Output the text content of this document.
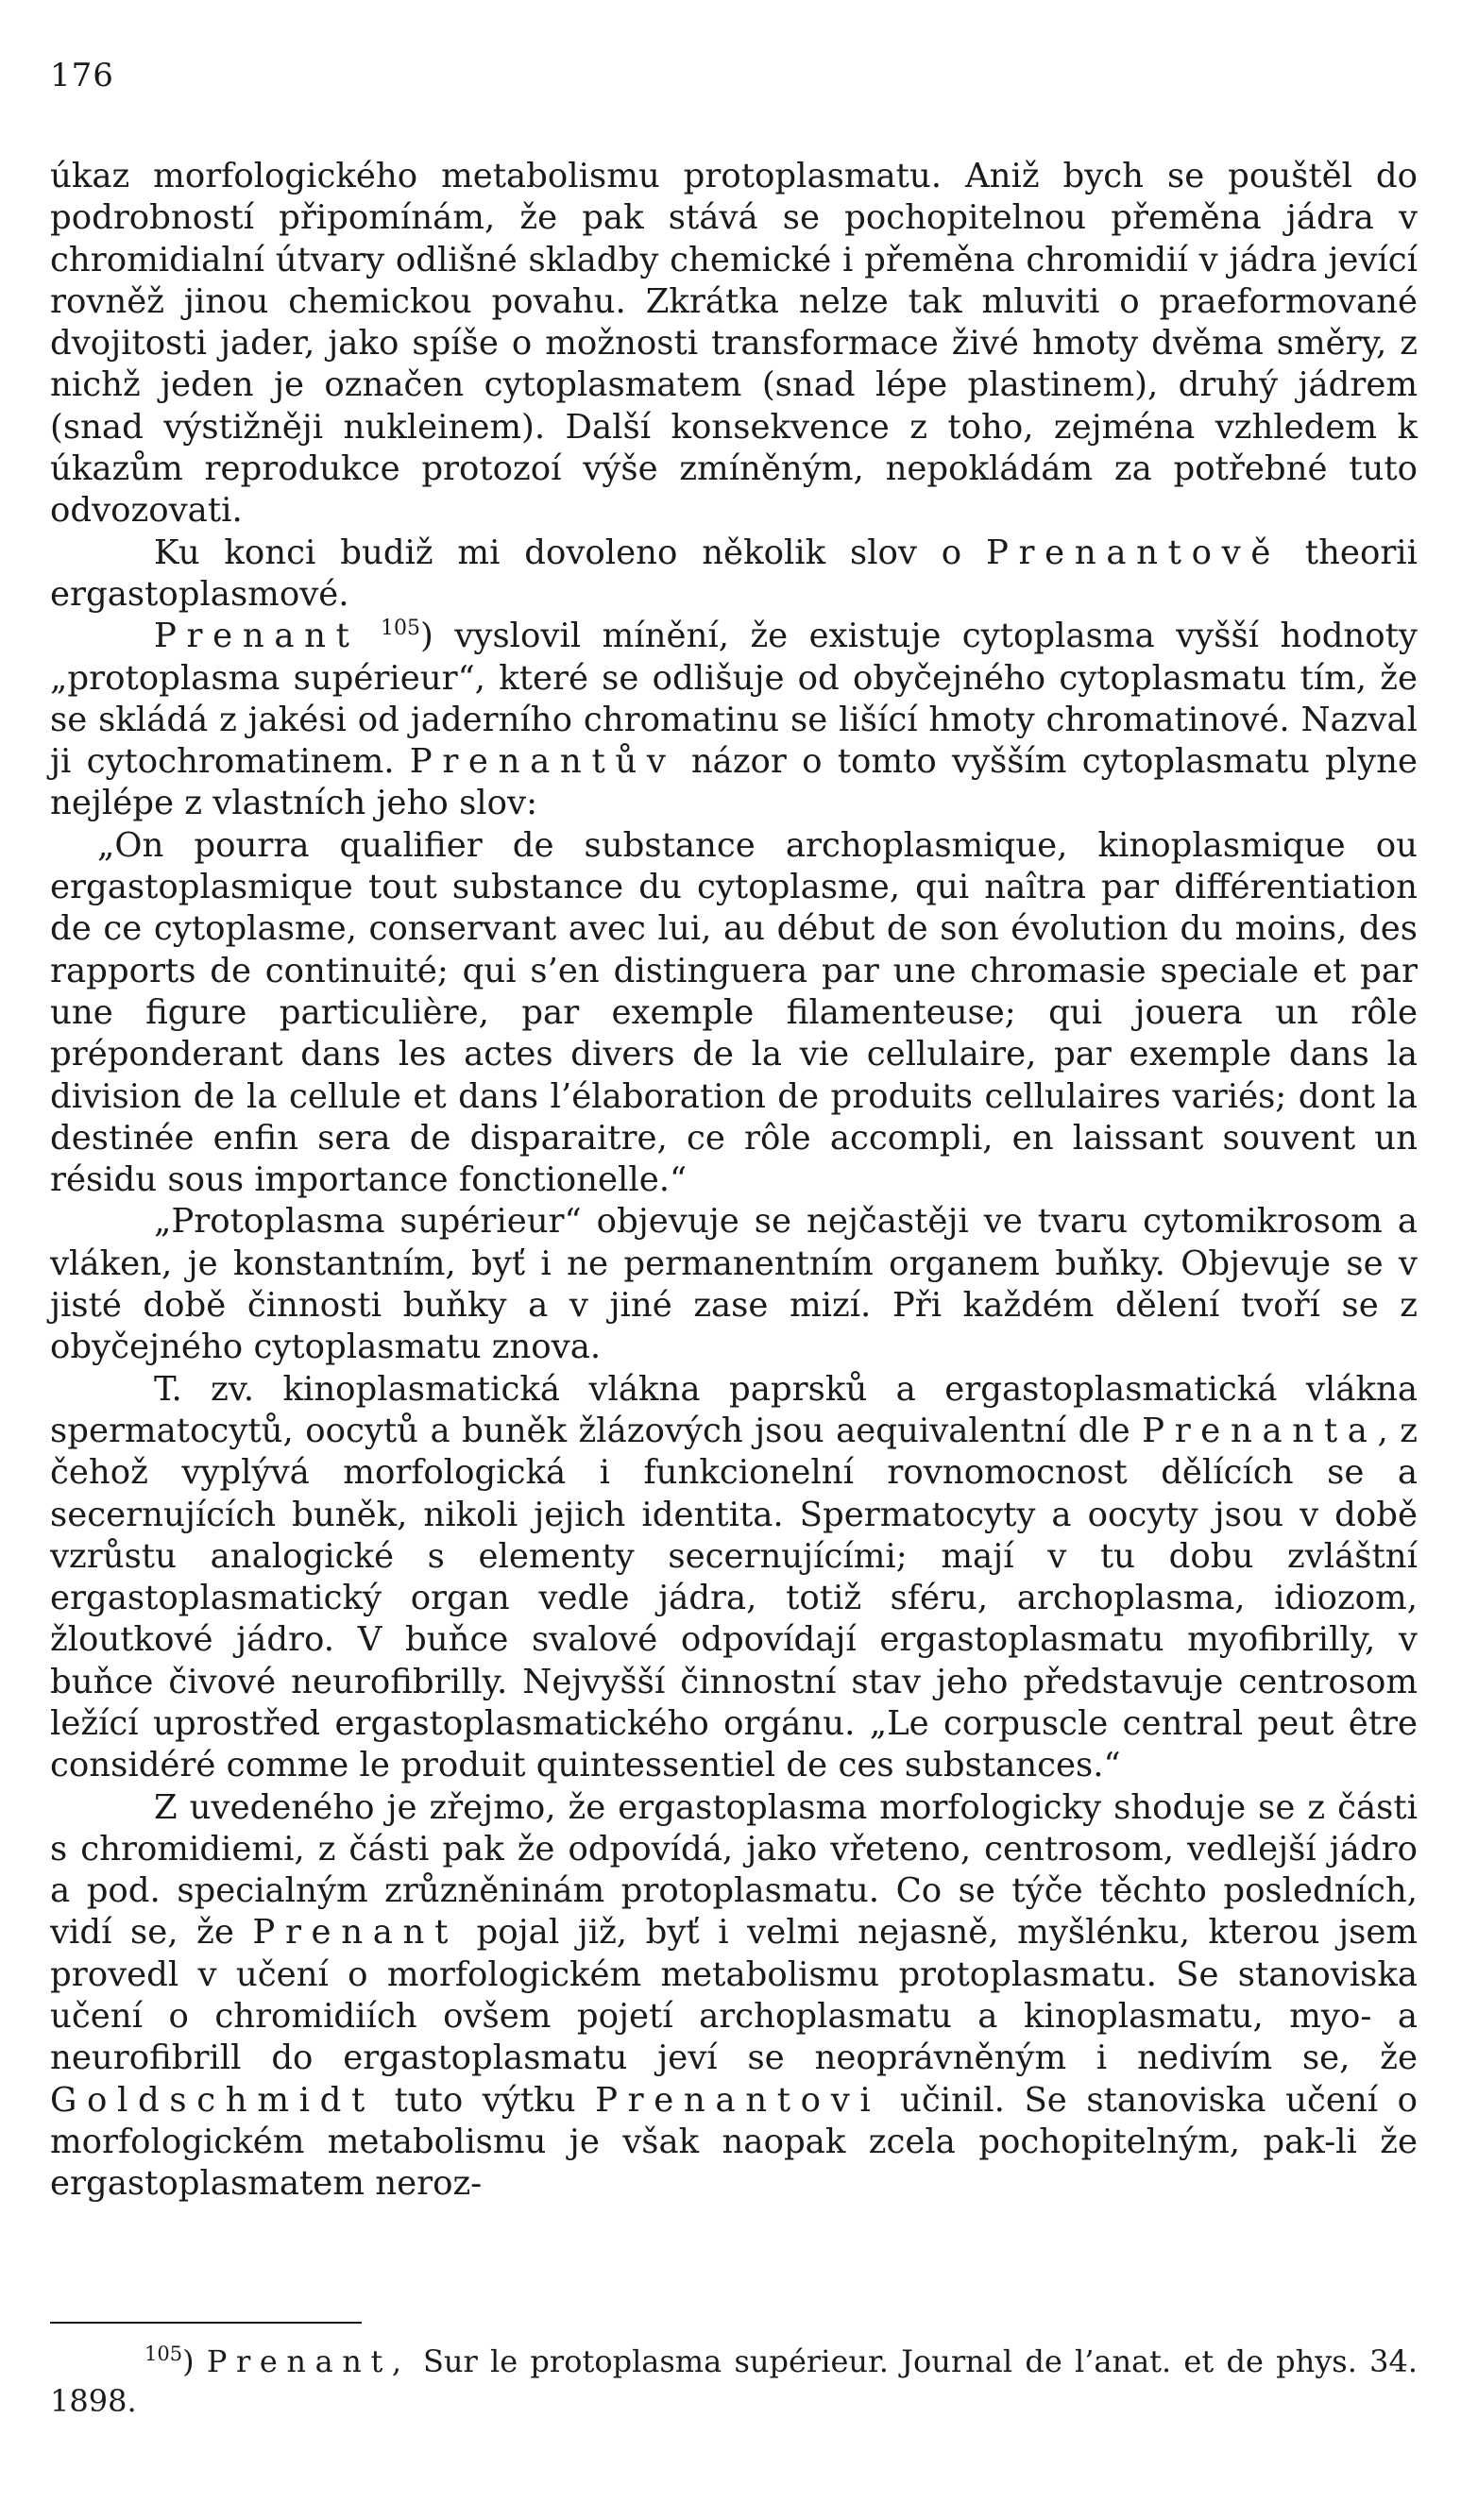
176

úkaz morfologického metabolismu protoplasmatu. Aniž bych se pouštěl do podrobností připomínám, že pak stává se pochopitelnou přeměna jádra v chromidialní útvary odlišné skladby chemické i přeměna chromidií v jádra jevící rovněž jinou chemickou povahu. Zkrátka nelze tak mluviti o praeformované dvojitosti jader, jako spíše o možnosti transformace živé hmoty dvěma směry, z nichž jeden je označen cytoplasmatem (snad lépe plastinem), druhý jádrem (snad výstižněji nukleinem). Další konsekvence z toho, zejména vzhledem k úkazům reprodukce protozoí výše zmíněným, nepokládám za potřebné tuto odvozovati.

Ku konci budiž mi dovoleno několik slov o Prenantově theorii ergastoplasmové.

Prenant $^{105}$) vyslovil mínění, že existuje cytoplasma vyšší hodnoty „protoplasma supérieur“, které se odlišuje od obyčejného cytoplasmatu tím, že se skládá z jakési od jaderního chromatinu se lišící hmoty chromatinové. Nazval ji cytochromatinem. Prenantův názor o tomto vyšším cytoplasmatu plyne nejlépe z vlastních jeho slov:

„On pourra qualifier de substance archoplasmique, kinoplasmique ou ergastoplasmique tout substance du cytoplasme, qui naîtra par différentiation de ce cytoplasme, conservant avec lui, au début de son évolution du moins, des rapports de continuité; qui s’en distinguera par une chromasie speciale et par une figure particulière, par exemple filamenteuse; qui jouera un rôle préponderant dans les actes divers de la vie cellulaire, par exemple dans la division de la cellule et dans l’élaboration de produits cellulaires variés; dont la destinée enfin sera de disparaitre, ce rôle accompli, en laissant souvent un résidu sous importance fonctionelle.“

„Protoplasma supérieur“ objevuje se nejčastěji ve tvaru cytomikrosom a vláken, je konstantním, byť i ne permanentním organem buňky. Objevuje se v jisté době činnosti buňky a v jiné zase mizí. Při každém dělení tvoří se z obyčejného cytoplasmatu znova.

T. zv. kinoplasmatická vlákna paprsků a ergastoplasmatická vlákna spermatocytů, oocytů a buněk žlázových jsou aequivalentní dle Prenanta, z čehož vyplývá morfologická i funkcionelní rovnomocnost dělících se a secernujících buněk, nikoli jejich identita. Spermatocyty a oocyty jsou v době vzrůstu analogické s elementy secernujícími; mají v tu dobu zvláštní ergastoplasmatický organ vedle jádra, totiž sféru, archoplasma, idiozom, žloutkové jádro. V buňce svalové odpovídají ergastoplasmatu myofibrilly, v buňce čivové neurofibrilly. Nejvyšší činnostní stav jeho představuje centrosom ležící uprostřed ergastoplasmatického orgánu. „Le corpuscle central peut être considéré comme le produit quintessentiel de ces substances.“

Z uvedeného je zřejmo, že ergastoplasma morfologicky shoduje se z části s chromidiemi, z části pak že odpovídá, jako vřeteno, centrosom, vedlejší jádro a pod. specialným zrůzněninám protoplasmatu. Co se týče těchto posledních, vidí se, že Prenant pojal již, byť i velmi nejasně, myšlénku, kterou jsem provedl v učení o morfologickém metabolismu protoplasmatu. Se stanoviska učení o chromidiích ovšem pojetí archoplasmatu a kinoplasmatu, myo- a neurofibrill do ergastoplasmatu jeví se neoprávněným i nedivím se, že Goldschmidt tuto výtku Prenantovi učinil. Se stanoviska učení o morfologickém metabolismu je však naopak zcela pochopitelným, pak-li že ergastoplasmatem neroz-

$^{105}$) Prenant, Sur le protoplasma supérieur. Journal de l’anat. et de phys. 34. 1898.
